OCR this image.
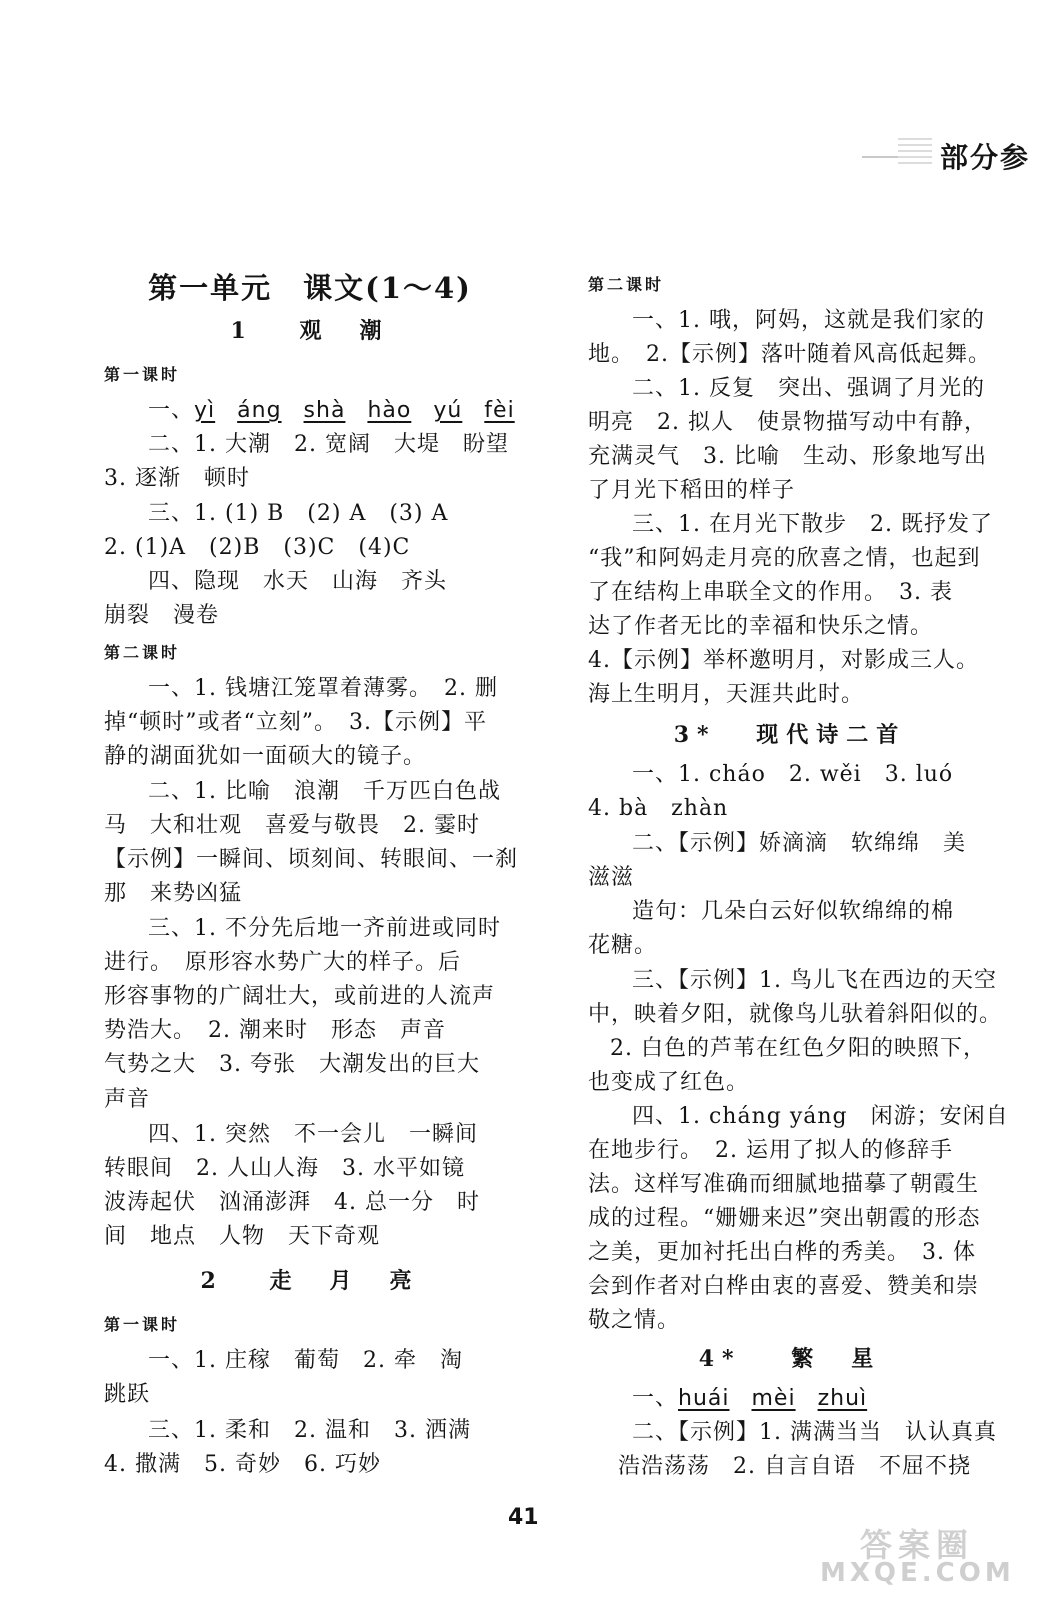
部分参
第一单元　课文(1～4)
1 观　潮
第一课时
一、yì áng shà hào yú fèi
二、1. 大潮　2. 宽阔　大堤　盼望
3. 逐渐　顿时
三、1. (1) B　(2) A　(3) A
2. (1)A　(2)B　(3)C　(4)C
四、隐现　水天　山海　齐头
崩裂　漫卷
第二课时
一、1. 钱塘江笼罩着薄雾。　2. 删
掉“顿时”或者“立刻”。　3.【示例】平
静的湖面犹如一面硕大的镜子。
二、1. 比喻　浪潮　千万匹白色战
马　大和壮观　喜爱与敬畏　2. 霎时
【示例】一瞬间、顷刻间、转眼间、一刹
那　来势凶猛
三、1. 不分先后地一齐前进或同时
进行。　原形容水势广大的样子。后
形容事物的广阔壮大，或前进的人流声
势浩大。　2. 潮来时　形态　声音
气势之大　3. 夸张　大潮发出的巨大
声音
四、1. 突然　不一会儿　一瞬间
转眼间　2. 人山人海　3. 水平如镜
波涛起伏　汹涌澎湃　4. 总一分　时
间　地点　人物　天下奇观
2 走　月　亮
第一课时
一、1. 庄稼　葡萄　2. 牵　淘
跳跃
三、1. 柔和　2. 温和　3. 洒满
4. 撒满　5. 奇妙　6. 巧妙
第二课时
一、1. 哦，阿妈，这就是我们家的
地。　2.【示例】落叶随着风高低起舞。
二、1. 反复　突出、强调了月光的
明亮　2. 拟人　使景物描写动中有静，
充满灵气　3. 比喻　生动、形象地写出
了月光下稻田的样子
三、1. 在月光下散步　2. 既抒发了
“我”和阿妈走月亮的欣喜之情，也起到
了在结构上串联全文的作用。　3. 表
达了作者无比的幸福和快乐之情。
4.【示例】举杯邀明月，对影成三人。
海上生明月，天涯共此时。
3* 现代诗二首
一、1. cháo　2. wěi　3. luó
4. bà　zhàn
二、【示例】娇滴滴　软绵绵　美
滋滋
造句：几朵白云好似软绵绵的棉
花糖。
三、【示例】1. 鸟儿飞在西边的天空
中，映着夕阳，就像鸟儿驮着斜阳似的。
2. 白色的芦苇在红色夕阳的映照下，
也变成了红色。
四、1. cháng yáng　闲游；安闲自
在地步行。　2. 运用了拟人的修辞手
法。这样写准确而细腻地描摹了朝霞生
成的过程。“姗姗来迟”突出朝霞的形态
之美，更加衬托出白桦的秀美。　3. 体
会到作者对白桦由衷的喜爱、赞美和崇
敬之情。
4* 繁　星
一、huái mèi zhuì
二、【示例】1. 满满当当　认认真真
浩浩荡荡　2. 自言自语　不屈不挠
41
答案圈
MXQE.COM
